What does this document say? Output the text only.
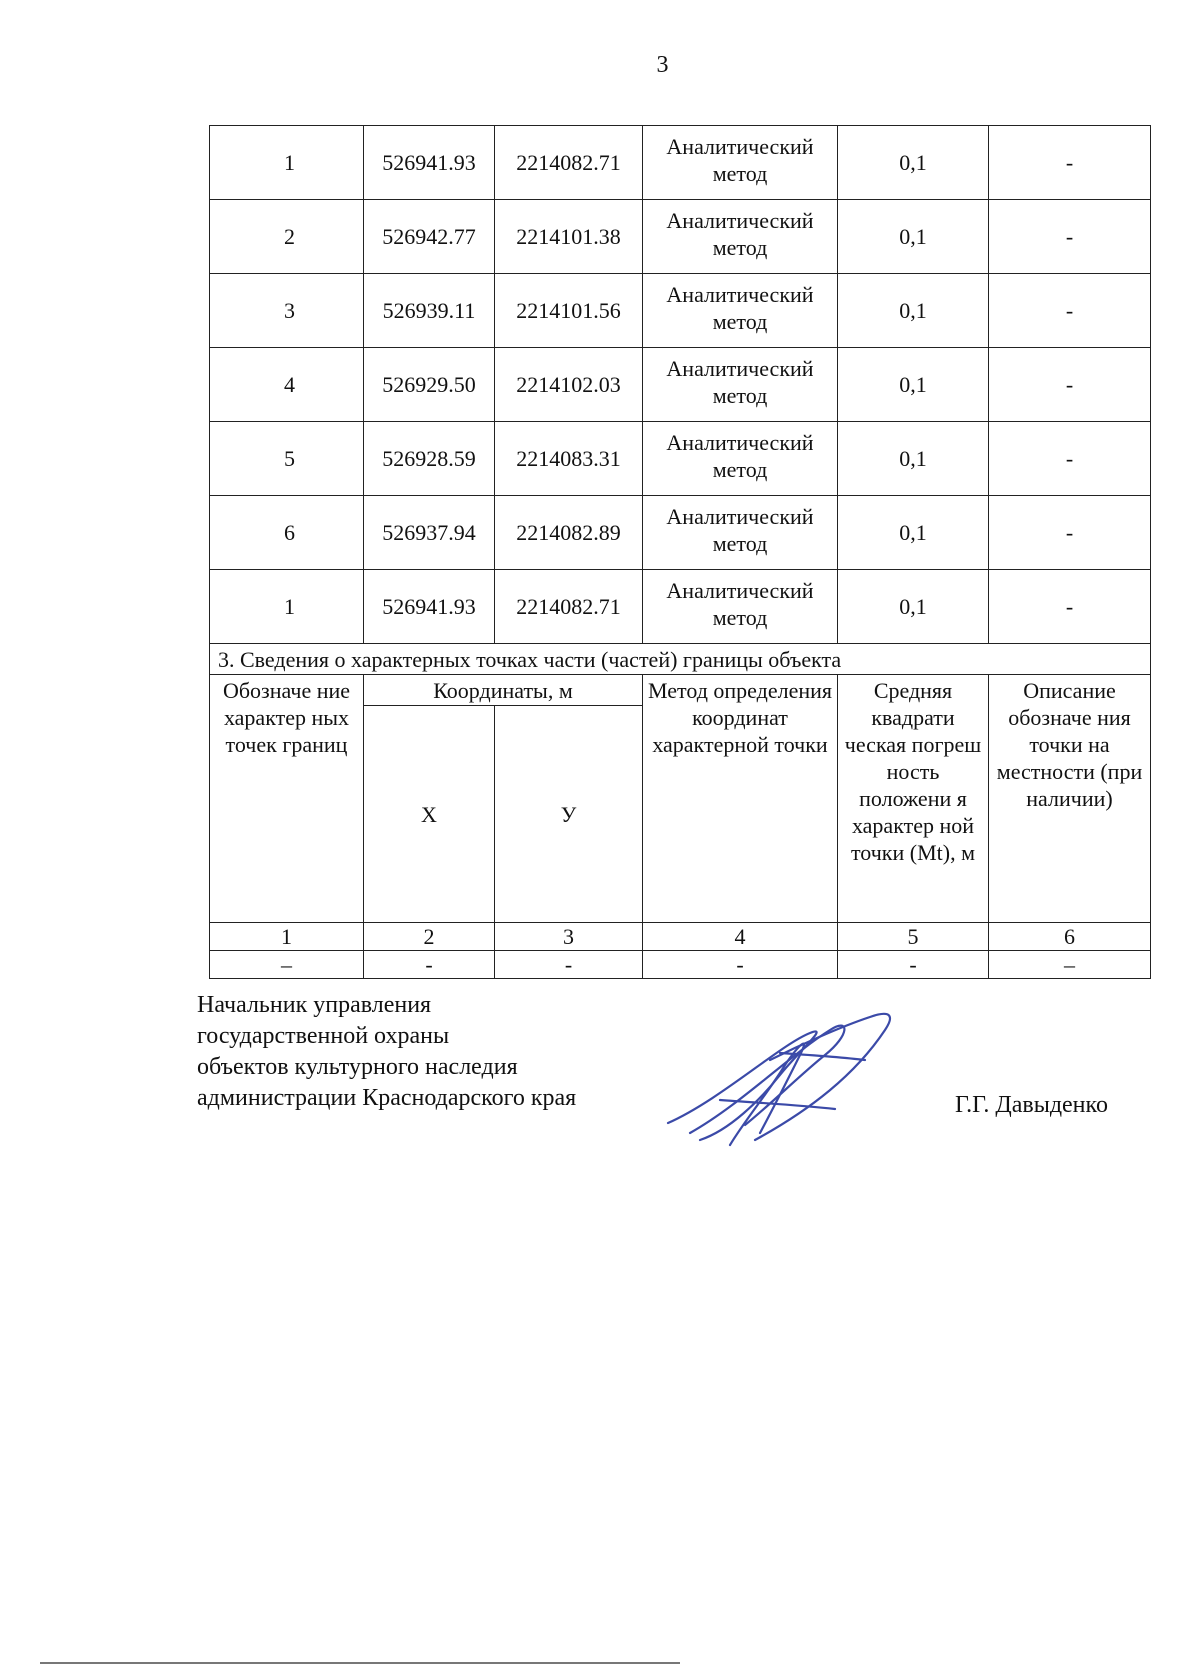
3
1	526941.93	2214082.71	Аналитический метод	0,1	-
2	526942.77	2214101.38	Аналитический метод	0,1	-
3	526939.11	2214101.56	Аналитический метод	0,1	-
4	526929.50	2214102.03	Аналитический метод	0,1	-
5	526928.59	2214083.31	Аналитический метод	0,1	-
6	526937.94	2214082.89	Аналитический метод	0,1	-
1	526941.93	2214082.71	Аналитический метод	0,1	-
3. Сведения о характерных точках части (частей) границы объекта					
Обозначе ние характер ных точек границ	Координаты, м		Метод определения координат характерной точки	Средняя квадрати ческая погреш ность положени я характер ной точки (Mt), м	Описание обозначе ния точки на местности (при наличии)
	Х	У			
1	2	3	4	5	6
–	-	-	-	-	–
Начальник управления
государственной охраны
объектов культурного наследия
администрации Краснодарского края	Г.Г. Давыденко
